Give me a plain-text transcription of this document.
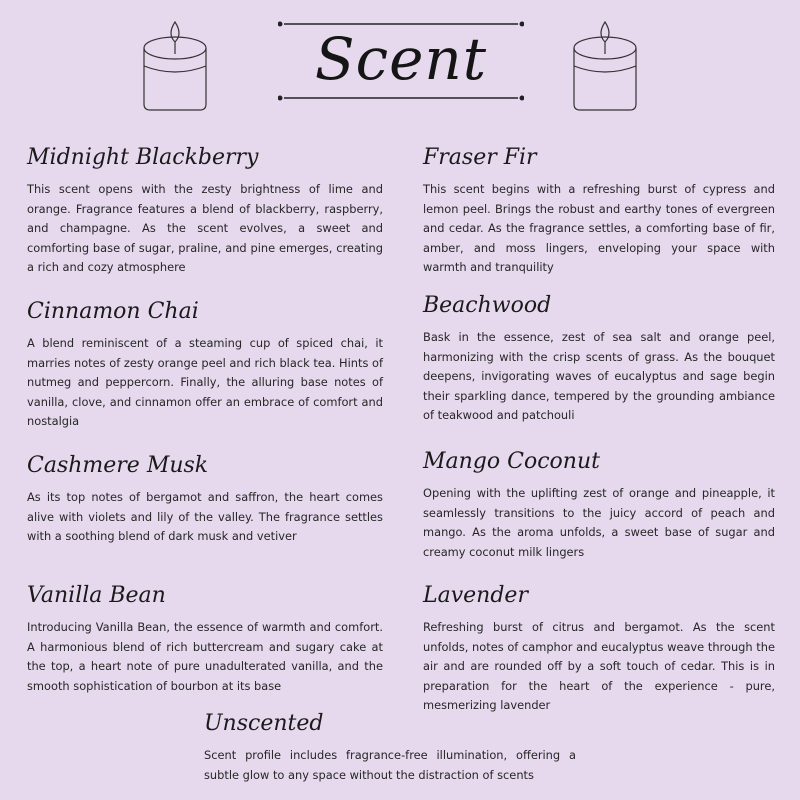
Scent
Midnight Blackberry

This scent opens with the zesty brightness of lime and orange. Fragrance features a blend of blackberry, raspberry, and champagne. As the scent evolves, a sweet and comforting base of sugar, praline, and pine emerges, creating a rich and cozy atmosphere

Fraser Fir

This scent begins with a refreshing burst of cypress and lemon peel. Brings the robust and earthy tones of evergreen and cedar. As the fragrance settles, a comforting base of fir, amber, and moss lingers, enveloping your space with warmth and tranquility

Cinnamon Chai

A blend reminiscent of a steaming cup of spiced chai, it marries notes of zesty orange peel and rich black tea. Hints of nutmeg and peppercorn. Finally, the alluring base notes of vanilla, clove, and cinnamon offer an embrace of comfort and nostalgia

Beachwood

Bask in the essence, zest of sea salt and orange peel, harmonizing with the crisp scents of grass. As the bouquet deepens, invigorating waves of eucalyptus and sage begin their sparkling dance, tempered by the grounding ambiance of teakwood and patchouli

Cashmere Musk

As its top notes of bergamot and saffron, the heart comes alive with violets and lily of the valley. The fragrance settles with a soothing blend of dark musk and vetiver

Mango Coconut

Opening with the uplifting zest of orange and pineapple, it seamlessly transitions to the juicy accord of peach and mango. As the aroma unfolds, a sweet base of sugar and creamy coconut milk lingers

Vanilla Bean

Introducing Vanilla Bean, the essence of warmth and comfort. A harmonious blend of rich buttercream and sugary cake at the top, a heart note of pure unadulterated vanilla, and the smooth sophistication of bourbon at its base

Lavender

Refreshing burst of citrus and bergamot. As the scent unfolds, notes of camphor and eucalyptus weave through the air and are rounded off by a soft touch of cedar. This is in preparation for the heart of the experience - pure, mesmerizing lavender

Unscented

Scent profile includes fragrance-free illumination, offering a subtle glow to any space without the distraction of scents
